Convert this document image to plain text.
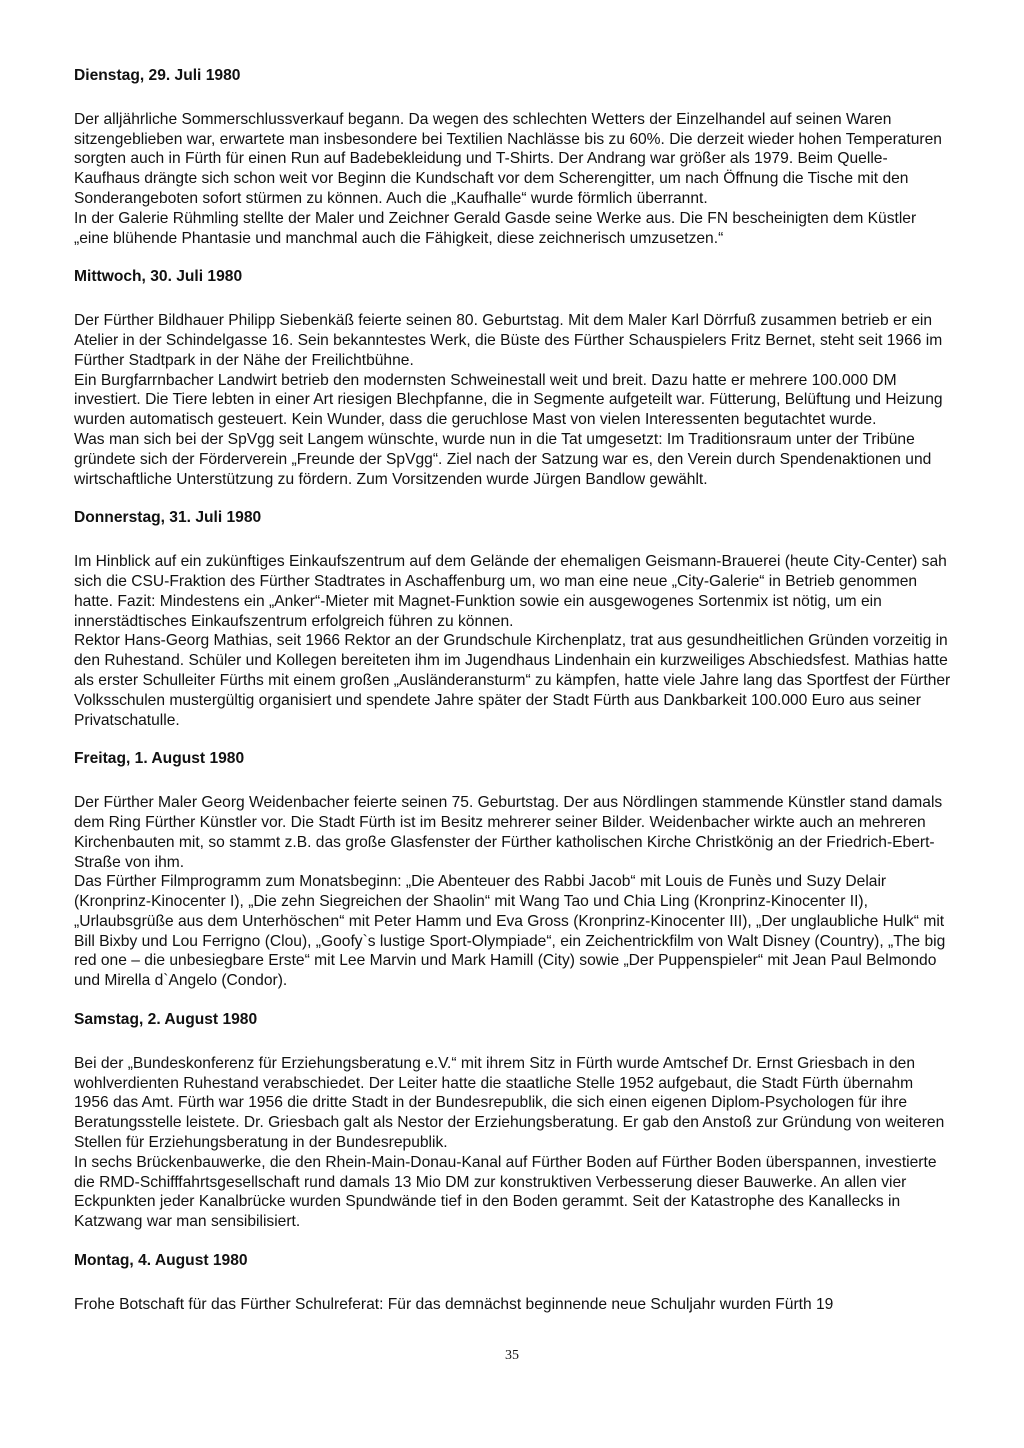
Dienstag, 29. Juli 1980

Der alljährliche Sommerschlussverkauf begann. Da wegen des schlechten Wetters der Einzelhandel auf seinen Waren sitzengeblieben war, erwartete man insbesondere bei Textilien Nachlässe bis zu 60%. Die derzeit wieder hohen Temperaturen sorgten auch in Fürth für einen Run auf Badebekleidung und T-Shirts. Der Andrang war größer als 1979. Beim Quelle-Kaufhaus drängte sich schon weit vor Beginn die Kundschaft vor dem Scherengitter, um nach Öffnung die Tische mit den Sonderangeboten sofort stürmen zu können. Auch die „Kaufhalle“ wurde förmlich überrannt.

In der Galerie Rühmling stellte der Maler und Zeichner Gerald Gasde seine Werke aus. Die FN bescheinigten dem Küstler „eine blühende Phantasie und manchmal auch die Fähigkeit, diese zeichnerisch umzusetzen.“

Mittwoch, 30. Juli 1980

Der Fürther Bildhauer Philipp Siebenkäß feierte seinen 80. Geburtstag. Mit dem Maler Karl Dörrfuß zusammen betrieb er ein Atelier in der Schindelgasse 16. Sein bekanntestes Werk, die Büste des Fürther Schauspielers Fritz Bernet, steht seit 1966 im Fürther Stadtpark in der Nähe der Freilichtbühne.

Ein Burgfarrnbacher Landwirt betrieb den modernsten Schweinestall weit und breit. Dazu hatte er mehrere 100.000 DM investiert. Die Tiere lebten in einer Art riesigen Blechpfanne, die in Segmente aufgeteilt war. Fütterung, Belüftung und Heizung wurden automatisch gesteuert. Kein Wunder, dass die geruchlose Mast von vielen Interessenten begutachtet wurde.

Was man sich bei der SpVgg seit Langem wünschte, wurde nun in die Tat umgesetzt: Im Traditionsraum unter der Tribüne gründete sich der Förderverein „Freunde der SpVgg“. Ziel nach der Satzung war es, den Verein durch Spendenaktionen und wirtschaftliche Unterstützung zu fördern. Zum Vorsitzenden wurde Jürgen Bandlow gewählt.

Donnerstag, 31. Juli 1980

Im Hinblick auf ein zukünftiges Einkaufszentrum auf dem Gelände der ehemaligen Geismann-Brauerei (heute City-Center) sah sich die CSU-Fraktion des Fürther Stadtrates in Aschaffenburg um, wo man eine neue „City-Galerie“ in Betrieb genommen hatte. Fazit: Mindestens ein „Anker“-Mieter mit Magnet-Funktion sowie ein ausgewogenes Sortenmix ist nötig, um ein innerstädtisches Einkaufszentrum erfolgreich führen zu können.

Rektor Hans-Georg Mathias, seit 1966 Rektor an der Grundschule Kirchenplatz, trat aus gesundheitlichen Gründen vorzeitig in den Ruhestand. Schüler und Kollegen bereiteten ihm im Jugendhaus Lindenhain ein kurzweiliges Abschiedsfest. Mathias hatte als erster Schulleiter Fürths mit einem großen „Ausländeransturm“ zu kämpfen, hatte viele Jahre lang das Sportfest der Fürther Volksschulen mustergültig organisiert und spendete Jahre später der Stadt Fürth aus Dankbarkeit 100.000 Euro aus seiner Privatschatulle.

Freitag, 1. August 1980

Der Fürther Maler Georg Weidenbacher feierte seinen 75. Geburtstag. Der aus Nördlingen stammende Künstler stand damals dem Ring Fürther Künstler vor. Die Stadt Fürth ist im Besitz mehrerer seiner Bilder. Weidenbacher wirkte auch an mehreren Kirchenbauten mit, so stammt z.B. das große Glasfenster der Fürther katholischen Kirche Christkönig an der Friedrich-Ebert-Straße von ihm.

Das Fürther Filmprogramm zum Monatsbeginn: „Die Abenteuer des Rabbi Jacob“ mit Louis de Funès und Suzy Delair (Kronprinz-Kinocenter I), „Die zehn Siegreichen der Shaolin“ mit Wang Tao und Chia Ling (Kronprinz-Kinocenter II), „Urlaubsgrüße aus dem Unterhöschen“ mit Peter Hamm und Eva Gross (Kronprinz-Kinocenter III), „Der unglaubliche Hulk“ mit Bill Bixby und Lou Ferrigno (Clou), „Goofy`s lustige Sport-Olympiade“, ein Zeichentrickfilm von Walt Disney (Country), „The big red one – die unbesiegbare Erste“ mit Lee Marvin und Mark Hamill (City) sowie „Der Puppenspieler“ mit Jean Paul Belmondo und Mirella d`Angelo (Condor).

Samstag, 2. August 1980

Bei der „Bundeskonferenz für Erziehungsberatung e.V.“ mit ihrem Sitz in Fürth wurde Amtschef Dr. Ernst Griesbach in den wohlverdienten Ruhestand verabschiedet. Der Leiter hatte die staatliche Stelle 1952 aufgebaut, die Stadt Fürth übernahm 1956 das Amt. Fürth war 1956 die dritte Stadt in der Bundesrepublik, die sich einen eigenen Diplom-Psychologen für ihre Beratungsstelle leistete. Dr. Griesbach galt als Nestor der Erziehungsberatung. Er gab den Anstoß zur Gründung von weiteren Stellen für Erziehungsberatung in der Bundesrepublik.

In sechs Brückenbauwerke, die den Rhein-Main-Donau-Kanal auf Fürther Boden auf Fürther Boden überspannen, investierte die RMD-Schifffahrtsgesellschaft rund damals 13 Mio DM zur konstruktiven Verbesserung dieser Bauwerke. An allen vier Eckpunkten jeder Kanalbrücke wurden Spundwände tief in den Boden gerammt. Seit der Katastrophe des Kanallecks in Katzwang war man sensibilisiert.

Montag, 4. August 1980

Frohe Botschaft für das Fürther Schulreferat: Für das demnächst beginnende neue Schuljahr wurden Fürth 19

35
